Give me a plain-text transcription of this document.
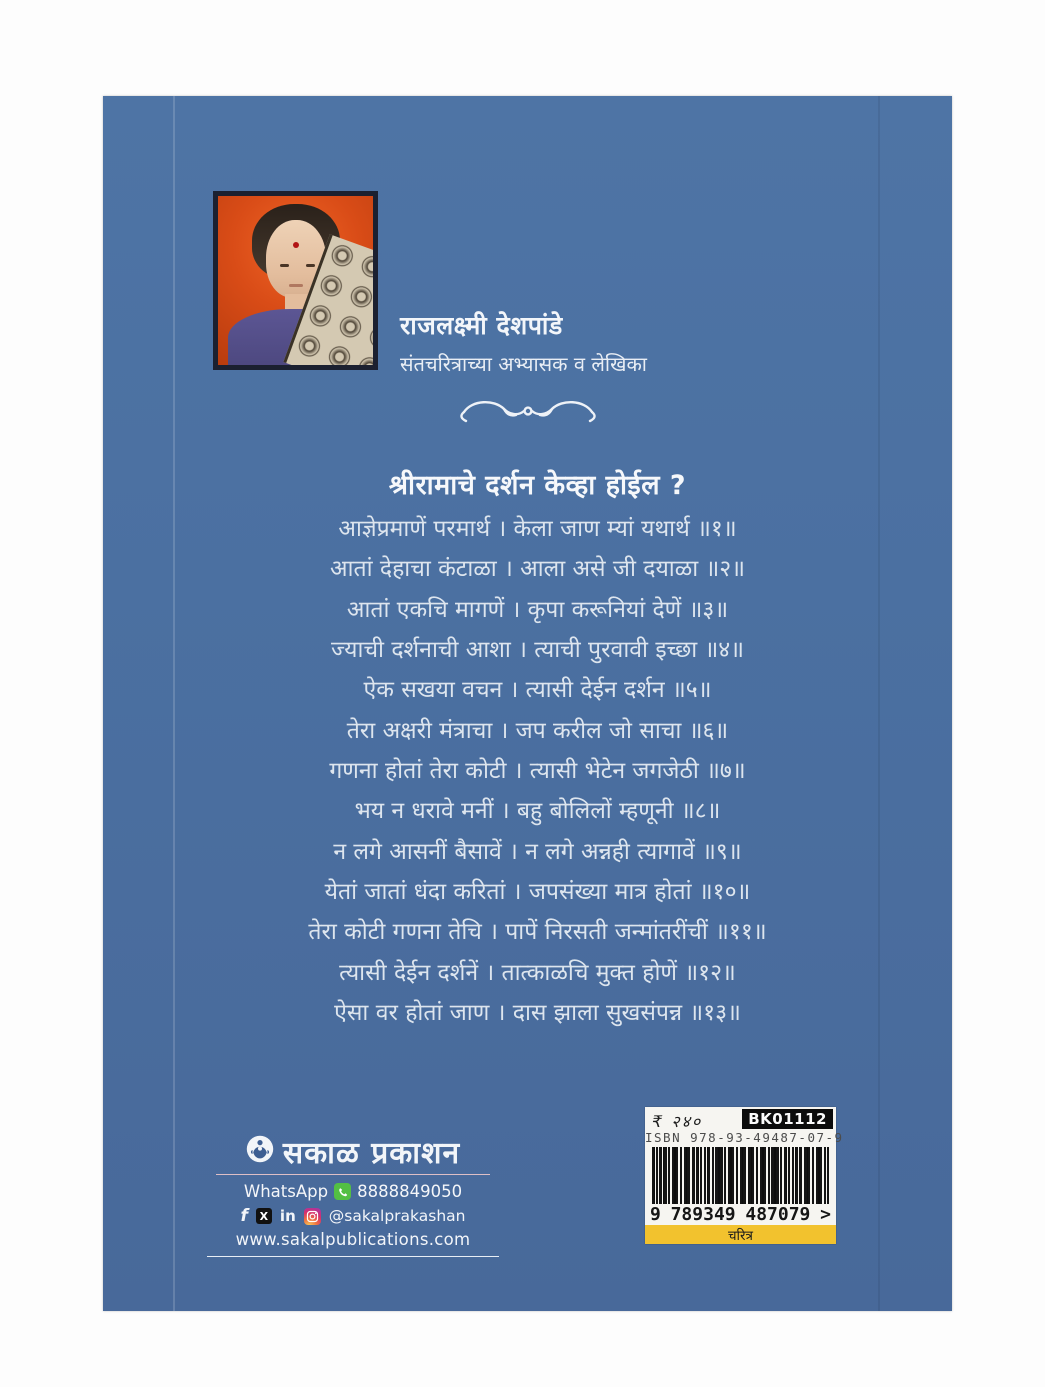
राजलक्ष्मी देशपांडे
संतचरित्राच्या अभ्यासक व लेखिका
श्रीरामाचे दर्शन केव्हा होईल ?
आज्ञेप्रमाणें परमार्थ । केला जाण म्यां यथार्थ ॥१॥
आतां देहाचा कंटाळा । आला असे जी दयाळा ॥२॥
आतां एकचि मागणें । कृपा करूनियां देणें ॥३॥
ज्याची दर्शनाची आशा । त्याची पुरवावी इच्छा ॥४॥
ऐक सखया वचन । त्यासी देईन दर्शन ॥५॥
तेरा अक्षरी मंत्राचा । जप करील जो साचा ॥६॥
गणना होतां तेरा कोटी । त्यासी भेटेन जगजेठी ॥७॥
भय न धरावे मनीं । बहु बोलिलों म्हणूनी ॥८॥
न लगे आसनीं बैसावें । न लगे अन्नही त्यागावें ॥९॥
येतां जातां धंदा करितां । जपसंख्या मात्र होतां ॥१०॥
तेरा कोटी गणना तेचि । पापें निरसती जन्मांतरींचीं ॥११॥
त्यासी देईन दर्शनें । तात्काळचि मुक्त होणें ॥१२॥
ऐसा वर होतां जाण । दास झाला सुखसंपन्न ॥१३॥
सकाळ प्रकाशन
WhatsApp 8888849050
f	X in @sakalprakashan
www.sakalpublications.com
₹ २४०	BK01112
ISBN 978-93-49487-07-9
9 789349 487079 >
चरित्र
